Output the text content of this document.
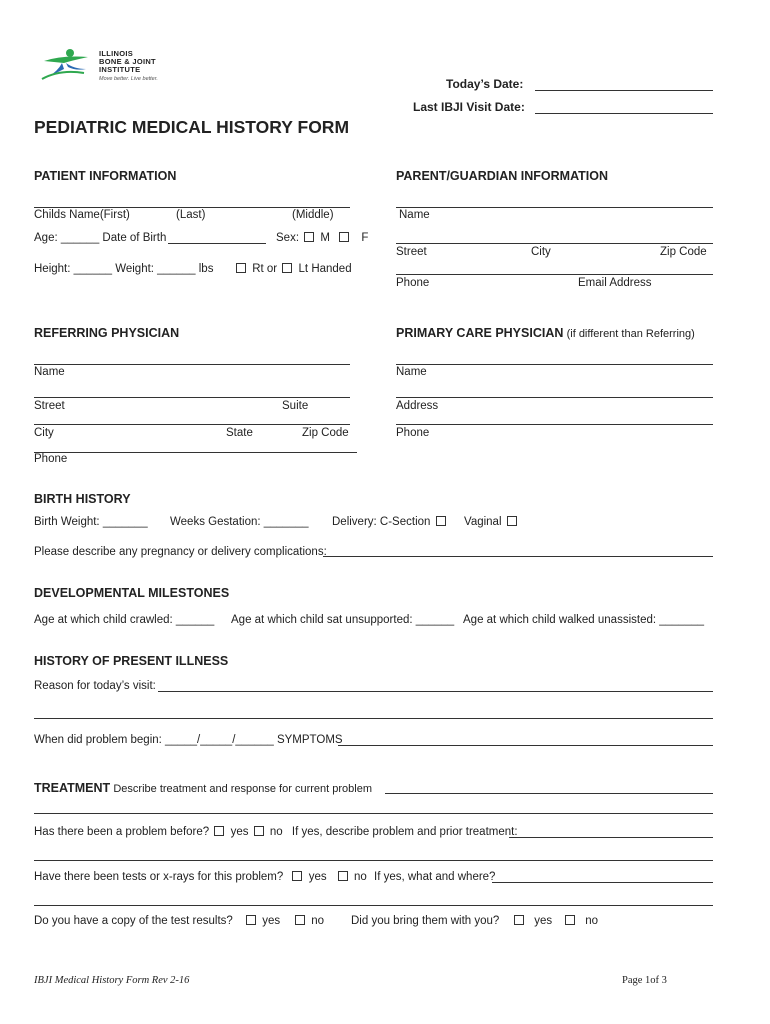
ILLINOIS
BONE & JOINT
INSTITUTE
Move better. Live better.	Today’s Date:
Last IBJI Visit Date:
PEDIATRIC MEDICAL HISTORY FORM
PATIENT INFORMATION
Childs Name(First)	(Last)	(Middle)
Age: ______ Date of Birth	Sex: M	F
Height: ______ Weight: ______ lbs	Rt or Lt Handed
PARENT/GUARDIAN INFORMATION
Name
Street	City	Zip Code
Phone	Email Address
REFERRING PHYSICIAN
Name
Street	Suite
City	State	Zip Code
Phone
PRIMARY CARE PHYSICIAN (if different than Referring)
Name
Address
Phone
BIRTH HISTORY
Birth Weight: _______ Weeks Gestation: _______ Delivery: C-Section	Vaginal
Please describe any pregnancy or delivery complications:
DEVELOPMENTAL MILESTONES
Age at which child crawled: ______ Age at which child sat unsupported: ______ Age at which child walked unassisted: _______
HISTORY OF PRESENT ILLNESS
Reason for today’s visit:
When did problem begin: _____/_____/______ SYMPTOMS
TREATMENT Describe treatment and response for current problem
Has there been a problem before? yes no If yes, describe problem and prior treatment:
Have there been tests or x-rays for this problem? yes no If yes, what and where?
Do you have a copy of the test results?	yes	no Did you bring them with you?	yes	no
IBJI Medical History Form Rev 2-16	Page 1of 3
